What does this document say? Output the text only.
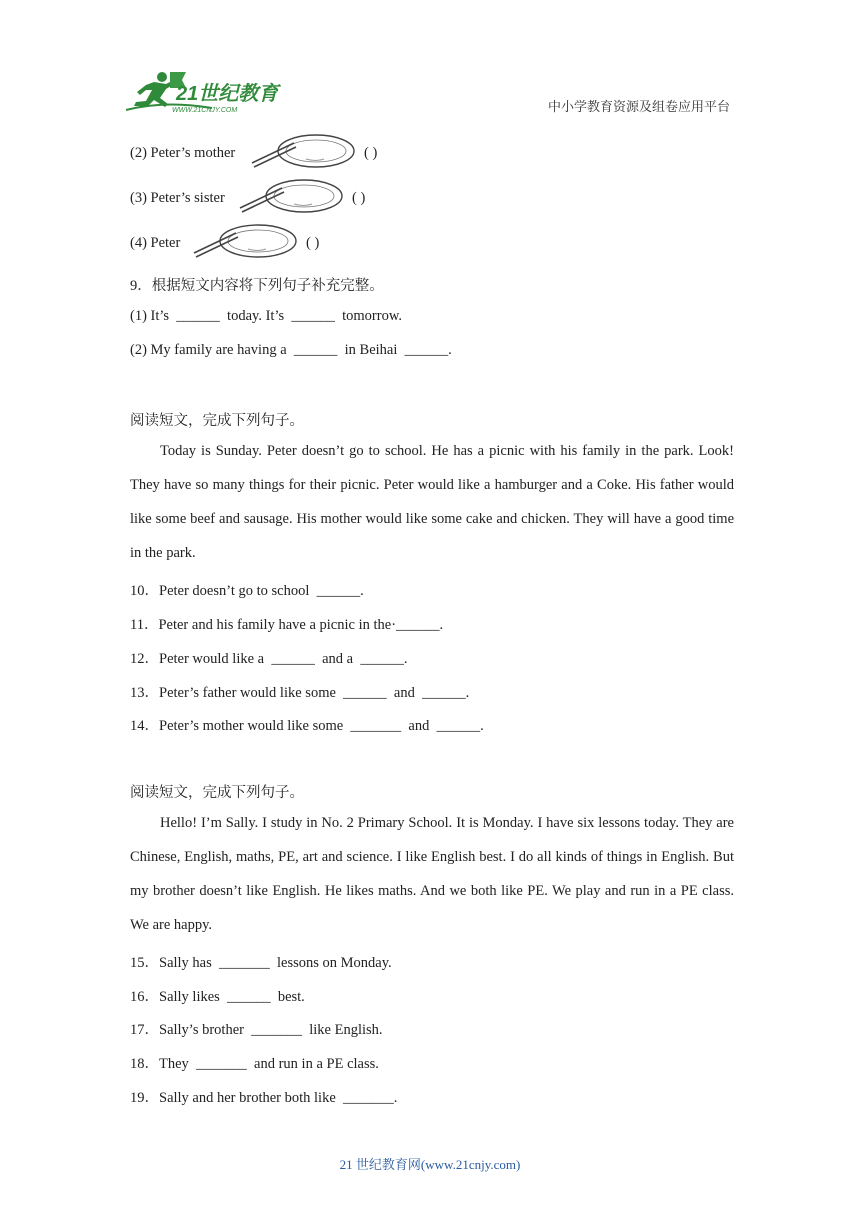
21世纪教育
WWW.21CNJY.COM	中小学教育资源及组卷应用平台
(2) Peter’s mother	( )
(3) Peter’s sister	( )
(4) Peter	( )
9．根据短文内容将下列句子补充完整。
(1) It’s  ______  today. It’s  ______  tomorrow.
(2) My family are having a  ______  in Beihai  ______.
阅读短文，完成下列句子。
Today is Sunday. Peter doesn’t go to school. He has a picnic with his family in the park. Look! They have so many things for their picnic. Peter would like a hamburger and a Coke. His father would like some beef and sausage. His mother would like some cake and chicken. They will have a good time in the park.
10．Peter doesn’t go to school  ______.
11．Peter and his family have a picnic in the·______.
12．Peter would like a  ______  and a  ______.
13．Peter’s father would like some  ______  and  ______.
14．Peter’s mother would like some  _______  and  ______.
阅读短文，完成下列句子。
Hello! I’m Sally. I study in No. 2 Primary School. It is Monday. I have six lessons today. They are Chinese, English, maths, PE, art and science. I like English best. I do all kinds of things in English. But my brother doesn’t like English. He likes maths. And we both like PE. We play and run in a PE class. We are happy.
15．Sally has  _______  lessons on Monday.
16．Sally likes  ______  best.
17．Sally’s brother  _______  like English.
18．They  _______  and run in a PE class.
19．Sally and her brother both like  _______.
21 世纪教育网(www.21cnjy.com)
